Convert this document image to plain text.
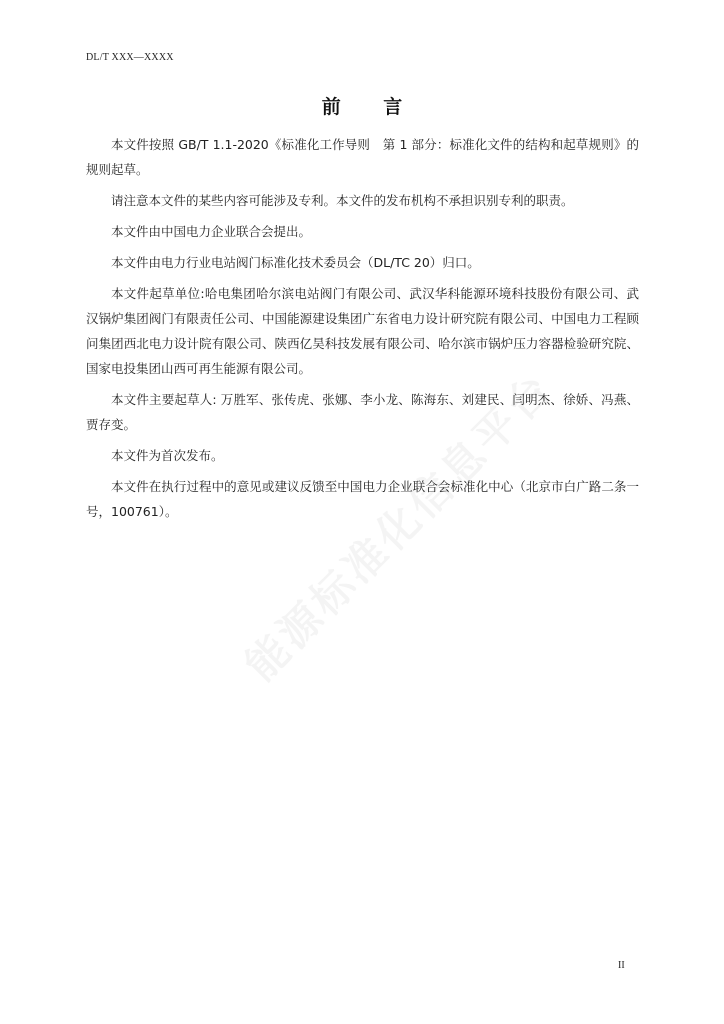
DL/T XXX—XXXX
前 言

本文件按照 GB/T 1.1-2020《标准化工作导则　第 1 部分：标准化文件的结构和起草规则》的规则起草。

请注意本文件的某些内容可能涉及专利。本文件的发布机构不承担识别专利的职责。

本文件由中国电力企业联合会提出。

本文件由电力行业电站阀门标准化技术委员会（DL/TC 20）归口。

本文件起草单位:哈电集团哈尔滨电站阀门有限公司、武汉华科能源环境科技股份有限公司、武汉锅炉集团阀门有限责任公司、中国能源建设集团广东省电力设计研究院有限公司、中国电力工程顾问集团西北电力设计院有限公司、陕西亿昊科技发展有限公司、哈尔滨市锅炉压力容器检验研究院、国家电投集团山西可再生能源有限公司。

本文件主要起草人: 万胜军、张传虎、张娜、李小龙、陈海东、刘建民、闫明杰、徐娇、冯燕、贾存变。

本文件为首次发布。

本文件在执行过程中的意见或建议反馈至中国电力企业联合会标准化中心（北京市白广路二条一号，100761）。

II
